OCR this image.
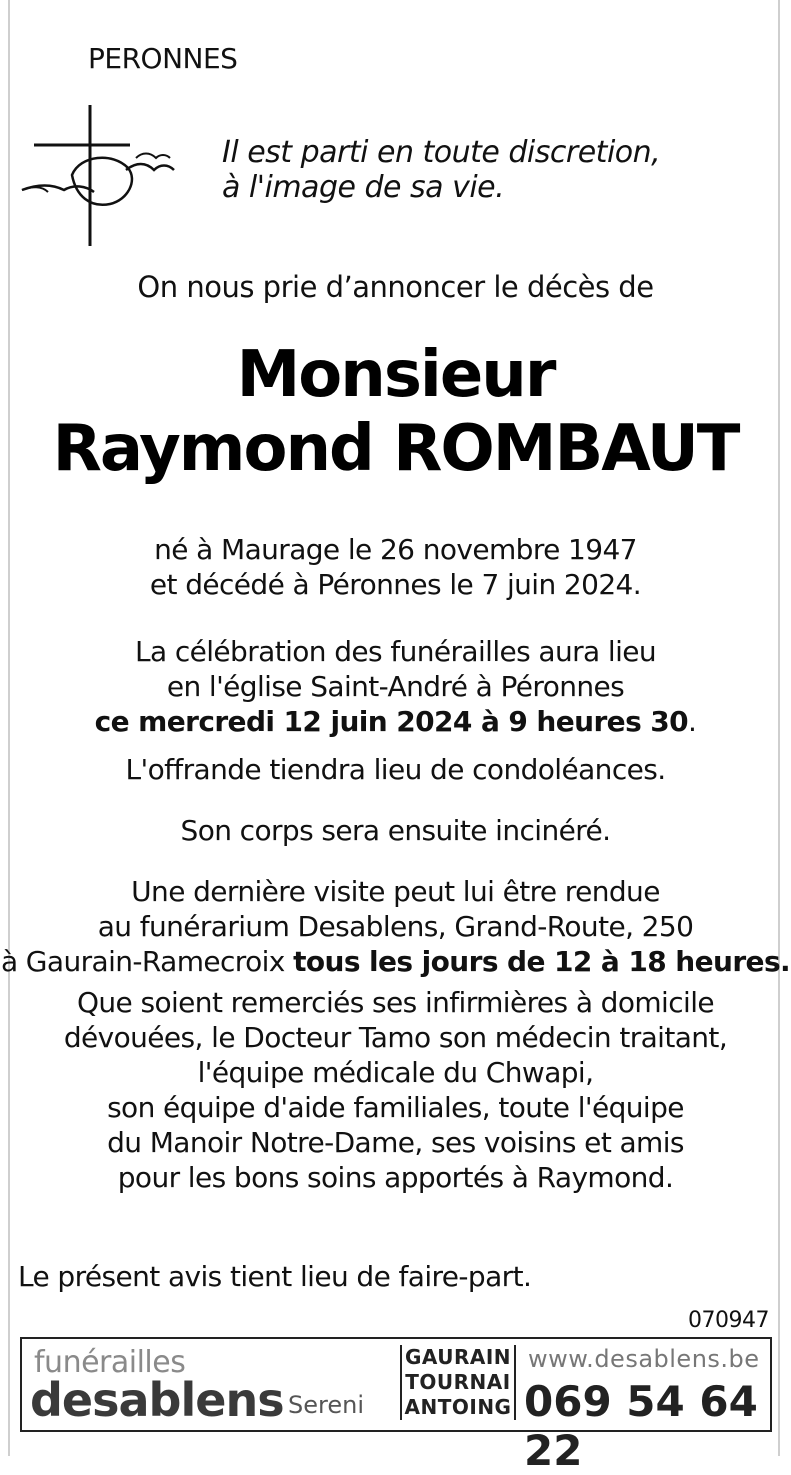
PERONNES
Il est parti en toute discretion,
à l'image de sa vie.
On nous prie d’annoncer le décès de
Monsieur
Raymond ROMBAUT
né à Maurage le 26 novembre 1947
et décédé à Péronnes le 7 juin 2024.
La célébration des funérailles aura lieu
en l'église Saint-André à Péronnes
ce mercredi 12 juin 2024 à 9 heures 30.
L'offrande tiendra lieu de condoléances.
Son corps sera ensuite incinéré.
Une dernière visite peut lui être rendue
au funérarium Desablens, Grand-Route, 250
à Gaurain-Ramecroix tous les jours de 12 à 18 heures.
Que soient remerciés ses infirmières à domicile
dévouées, le Docteur Tamo son médecin traitant,
l'équipe médicale du Chwapi,
son équipe d'aide familiales, toute l'équipe
du Manoir Notre-Dame, ses voisins et amis
pour les bons soins apportés à Raymond.
Le présent avis tient lieu de faire-part.
070947
funérailles
desablens Sereni
GAURAIN
TOURNAI
ANTOING
www.desablens.be
069 54 64 22
